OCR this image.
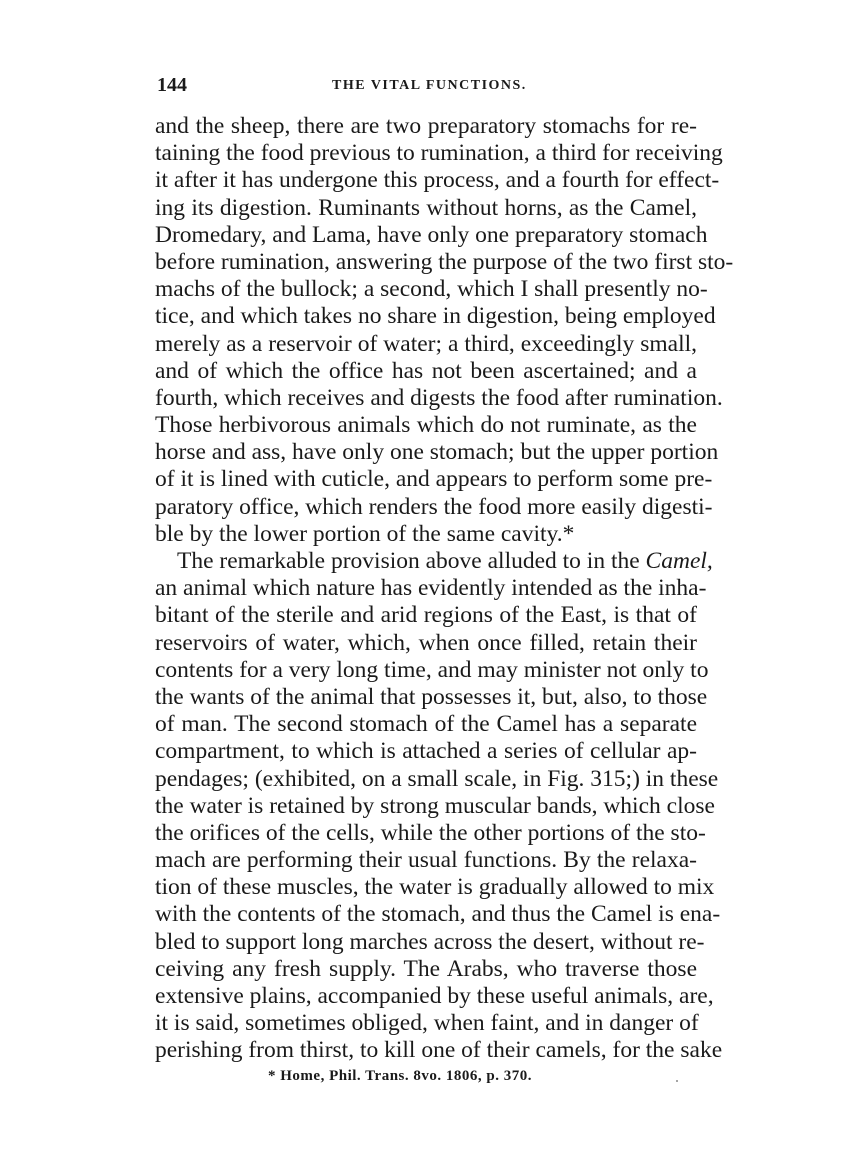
144	THE VITAL FUNCTIONS.
and the sheep, there are two preparatory stomachs for re-
taining the food previous to rumination, a third for receiving
it after it has undergone this process, and a fourth for effect-
ing its digestion. Ruminants without horns, as the Camel,
Dromedary, and Lama, have only one preparatory stomach
before rumination, answering the purpose of the two first sto-
machs of the bullock; a second, which I shall presently no-
tice, and which takes no share in digestion, being employed
merely as a reservoir of water; a third, exceedingly small,
and of which the office has not been ascertained; and a
fourth, which receives and digests the food after rumination.
Those herbivorous animals which do not ruminate, as the
horse and ass, have only one stomach; but the upper portion
of it is lined with cuticle, and appears to perform some pre-
paratory office, which renders the food more easily digesti-
ble by the lower portion of the same cavity.*
The remarkable provision above alluded to in the Camel,
an animal which nature has evidently intended as the inha-
bitant of the sterile and arid regions of the East, is that of
reservoirs of water, which, when once filled, retain their
contents for a very long time, and may minister not only to
the wants of the animal that possesses it, but, also, to those
of man. The second stomach of the Camel has a separate
compartment, to which is attached a series of cellular ap-
pendages; (exhibited, on a small scale, in Fig. 315;) in these
the water is retained by strong muscular bands, which close
the orifices of the cells, while the other portions of the sto-
mach are performing their usual functions. By the relaxa-
tion of these muscles, the water is gradually allowed to mix
with the contents of the stomach, and thus the Camel is ena-
bled to support long marches across the desert, without re-
ceiving any fresh supply. The Arabs, who traverse those
extensive plains, accompanied by these useful animals, are,
it is said, sometimes obliged, when faint, and in danger of
perishing from thirst, to kill one of their camels, for the sake
* Home, Phil. Trans. 8vo. 1806, p. 370.
